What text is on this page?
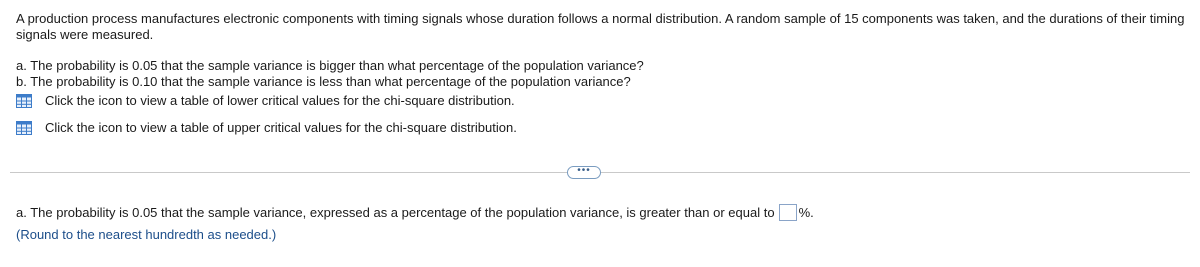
A production process manufactures electronic components with timing signals whose duration follows a normal distribution. A random sample of 15 components was taken, and the durations of their timing signals were measured.

a. The probability is 0.05 that the sample variance is bigger than what percentage of the population variance?

b. The probability is 0.10 that the sample variance is less than what percentage of the population variance?

Click the icon to view a table of lower critical values for the chi-square distribution.
Click the icon to view a table of upper critical values for the chi-square distribution.
•••
a. The probability is 0.05 that the sample variance, expressed as a percentage of the population variance, is greater than or equal to %.
(Round to the nearest hundredth as needed.)
